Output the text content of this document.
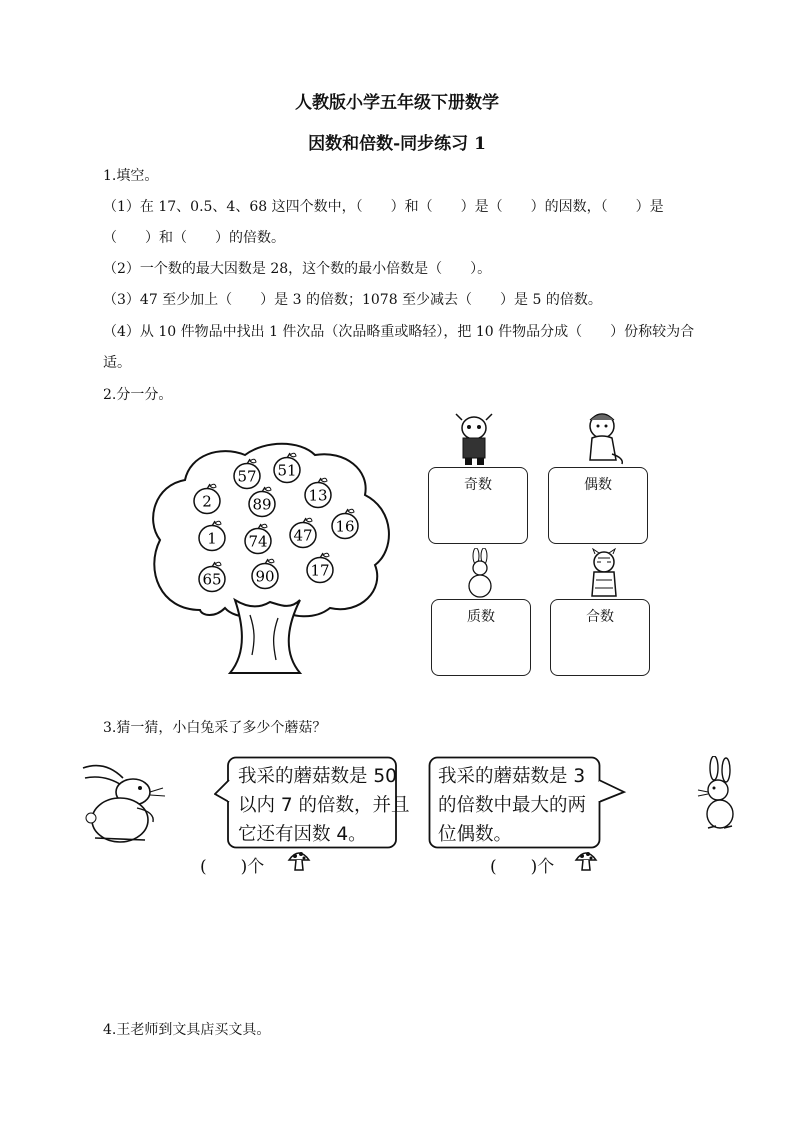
人教版小学五年级下册数学
因数和倍数-同步练习 1
1.填空。
（1）在 17、0.5、4、68 这四个数中，（　　）和（　　）是（　　）的因数，（　　）是
（　　）和（　　）的倍数。
（2）一个数的最大因数是 28，这个数的最小倍数是（　　）。
（3）47 至少加上（　　）是 3 的倍数；1078 至少减去（　　）是 5 的倍数。
（4）从 10 件物品中找出 1 件次品（次品略重或略轻），把 10 件物品分成（　　）份称较为合
适。
2.分一分。
57 51
2	89 13
1 74 47 16
65 90 17
奇数	偶数
质数	合数
3.猜一猜，小白兔采了多少个蘑菇？
我采的蘑菇数是 50
以内 7 的倍数，并且
它还有因数 4。
(　　)个
我采的蘑菇数是 3
的倍数中最大的两
位偶数。
(　　)个
4.王老师到文具店买文具。
